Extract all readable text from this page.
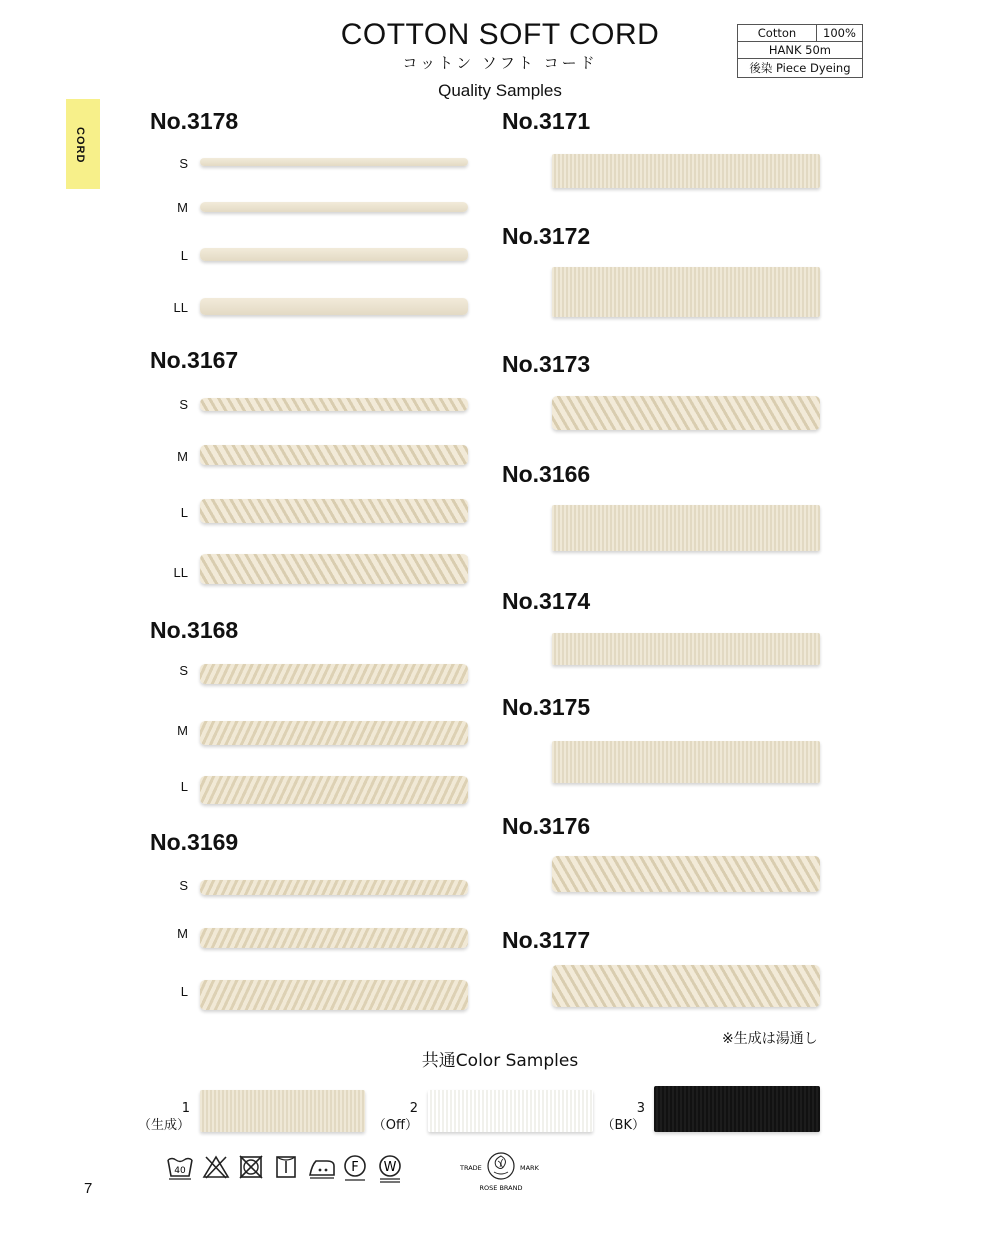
COTTON SOFT CORD
コットン ソフト コード
Quality Samples
Cotton	100%
HANK 50m
後染 Piece Dyeing
CORD
No.3178
S
M
L
LL
No.3167
S
M
L
LL
No.3168
S
M
L
No.3169
S
M
L
No.3171
No.3172
No.3173
No.3166
No.3174
No.3175
No.3176
No.3177
※生成は湯通し
共通Color Samples
1
（生成）
2
（Off）
3
（BK）
40	F W	TRADE	MARK
ROSE BRAND
7
